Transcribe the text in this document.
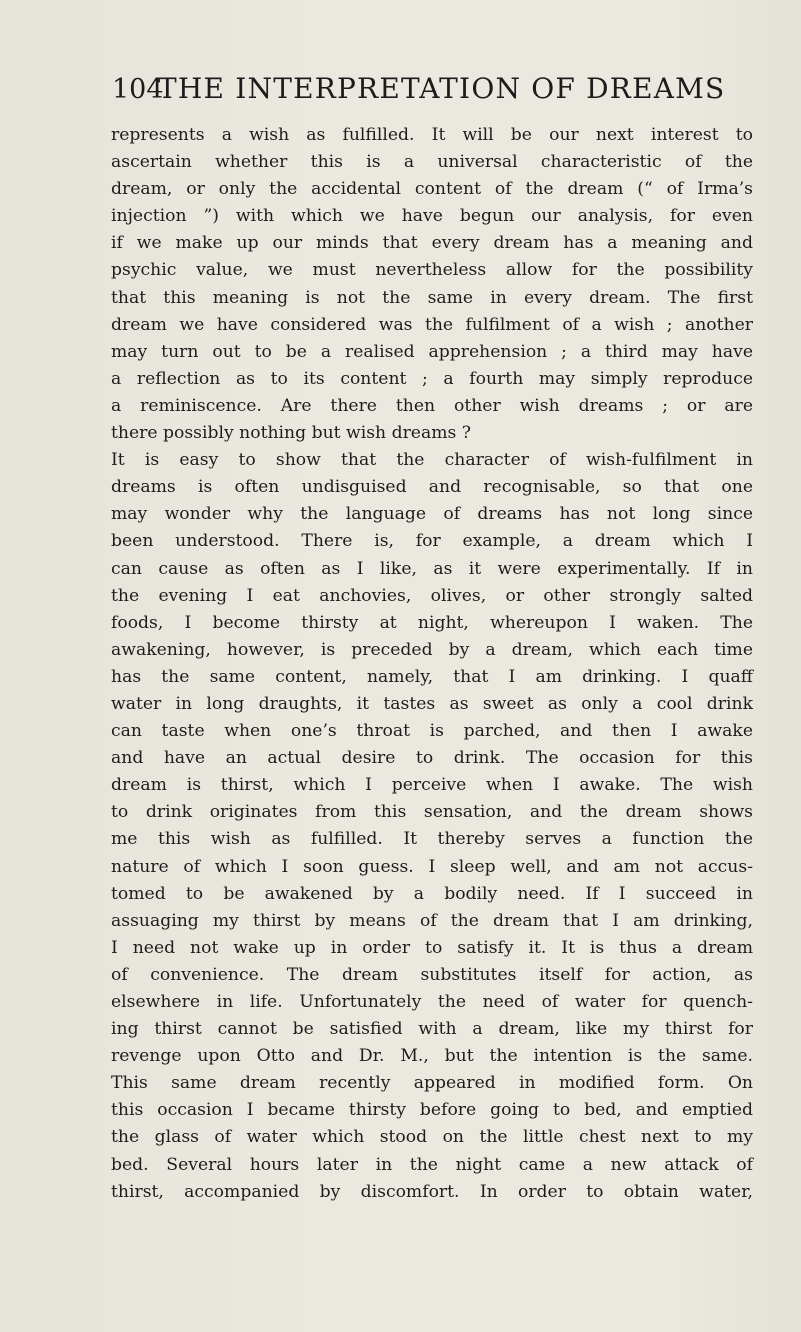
104
THE INTERPRETATION OF DREAMS
represents a wish as fulfilled. It will be our next interest to
ascertain whether this is a universal characteristic of the
dream, or only the accidental content of the dream (“ of Irma’s
injection ”) with which we have begun our analysis, for even
if we make up our minds that every dream has a meaning and
psychic value, we must nevertheless allow for the possibility
that this meaning is not the same in every dream. The first
dream we have considered was the fulfilment of a wish ; another
may turn out to be a realised apprehension ; a third may have
a reflection as to its content ; a fourth may simply reproduce
a reminiscence. Are there then other wish dreams ; or are
there possibly nothing but wish dreams ?
It is easy to show that the character of wish-fulfilment in
dreams is often undisguised and recognisable, so that one
may wonder why the language of dreams has not long since
been understood. There is, for example, a dream which I
can cause as often as I like, as it were experimentally. If in
the evening I eat anchovies, olives, or other strongly salted
foods, I become thirsty at night, whereupon I waken. The
awakening, however, is preceded by a dream, which each time
has the same content, namely, that I am drinking. I quaff
water in long draughts, it tastes as sweet as only a cool drink
can taste when one’s throat is parched, and then I awake
and have an actual desire to drink. The occasion for this
dream is thirst, which I perceive when I awake. The wish
to drink originates from this sensation, and the dream shows
me this wish as fulfilled. It thereby serves a function the
nature of which I soon guess. I sleep well, and am not accus-
tomed to be awakened by a bodily need. If I succeed in
assuaging my thirst by means of the dream that I am drinking,
I need not wake up in order to satisfy it. It is thus a dream
of convenience. The dream substitutes itself for action, as
elsewhere in life. Unfortunately the need of water for quench-
ing thirst cannot be satisfied with a dream, like my thirst for
revenge upon Otto and Dr. M., but the intention is the same.
This same dream recently appeared in modified form. On
this occasion I became thirsty before going to bed, and emptied
the glass of water which stood on the little chest next to my
bed. Several hours later in the night came a new attack of
thirst, accompanied by discomfort. In order to obtain water,
